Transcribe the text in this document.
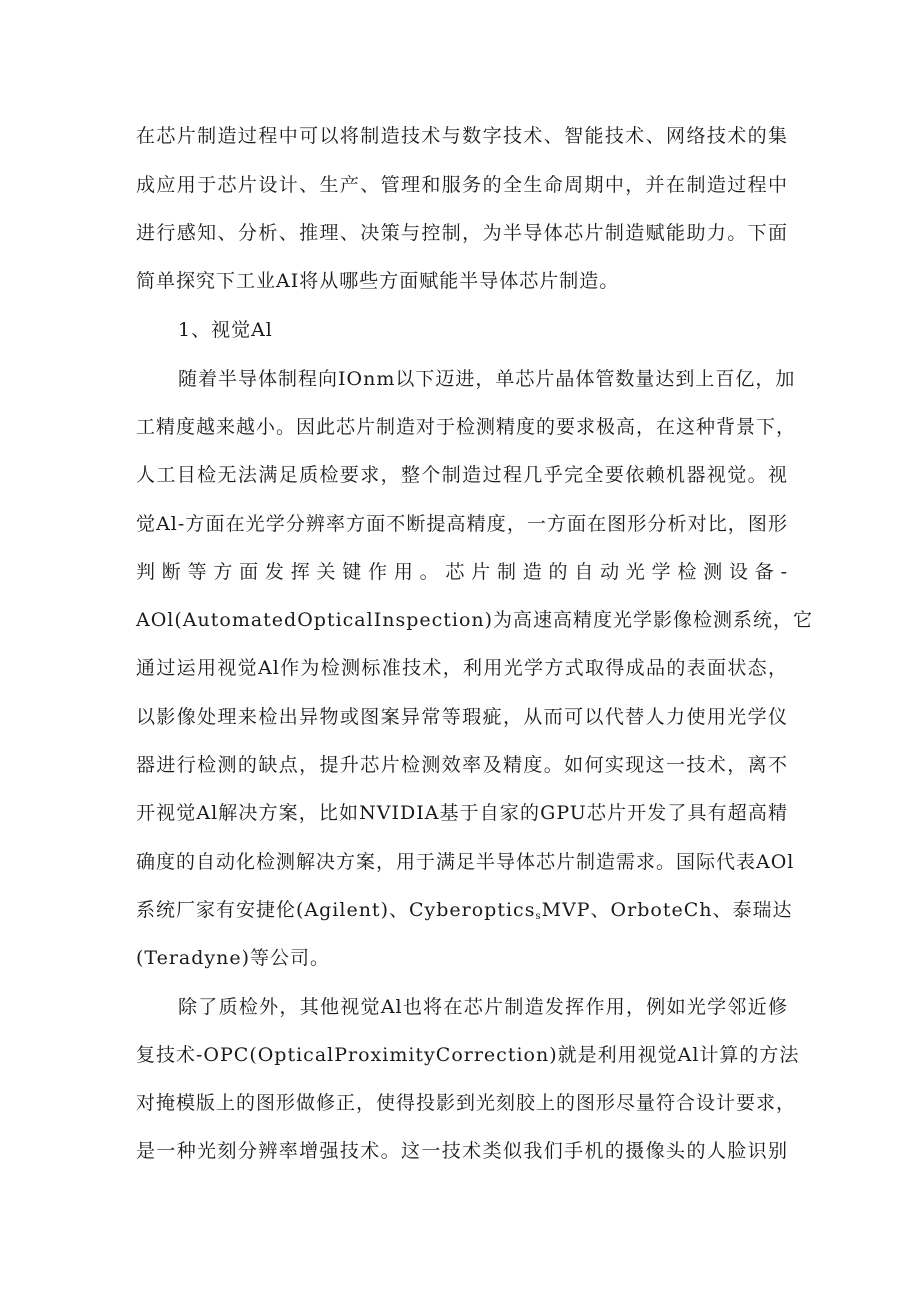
在芯片制造过程中可以将制造技术与数字技术、智能技术、网络技术的集
成应用于芯片设计、生产、管理和服务的全生命周期中，并在制造过程中
进行感知、分析、推理、决策与控制，为半导体芯片制造赋能助力。下面
简单探究下工业AI将从哪些方面赋能半导体芯片制造。
1、视觉Al
随着半导体制程向IOnm以下迈进，单芯片晶体管数量达到上百亿，加
工精度越来越小。因此芯片制造对于检测精度的要求极高，在这种背景下，
人工目检无法满足质检要求，整个制造过程几乎完全要依赖机器视觉。视
觉Al-方面在光学分辨率方面不断提高精度，一方面在图形分析对比，图形
判断等方面发挥关键作用。芯片制造的自动光学检测设备-
AOl(AutomatedOpticalInspection)为高速高精度光学影像检测系统，它
通过运用视觉Al作为检测标准技术，利用光学方式取得成品的表面状态，
以影像处理来检出异物或图案异常等瑕疵，从而可以代替人力使用光学仪
器进行检测的缺点，提升芯片检测效率及精度。如何实现这一技术，离不
开视觉Al解决方案，比如NVIDIA基于自家的GPU芯片开发了具有超高精
确度的自动化检测解决方案，用于满足半导体芯片制造需求。国际代表AOl
系统厂家有安捷伦(Agilent)、Cyberoptics$_s$MVP、OrboteCh、泰瑞达
(Teradyne)等公司。
除了质检外，其他视觉Al也将在芯片制造发挥作用，例如光学邻近修
复技术-OPC(OpticalProximityCorrection)就是利用视觉Al计算的方法
对掩模版上的图形做修正，使得投影到光刻胶上的图形尽量符合设计要求，
是一种光刻分辨率增强技术。这一技术类似我们手机的摄像头的人脸识别
